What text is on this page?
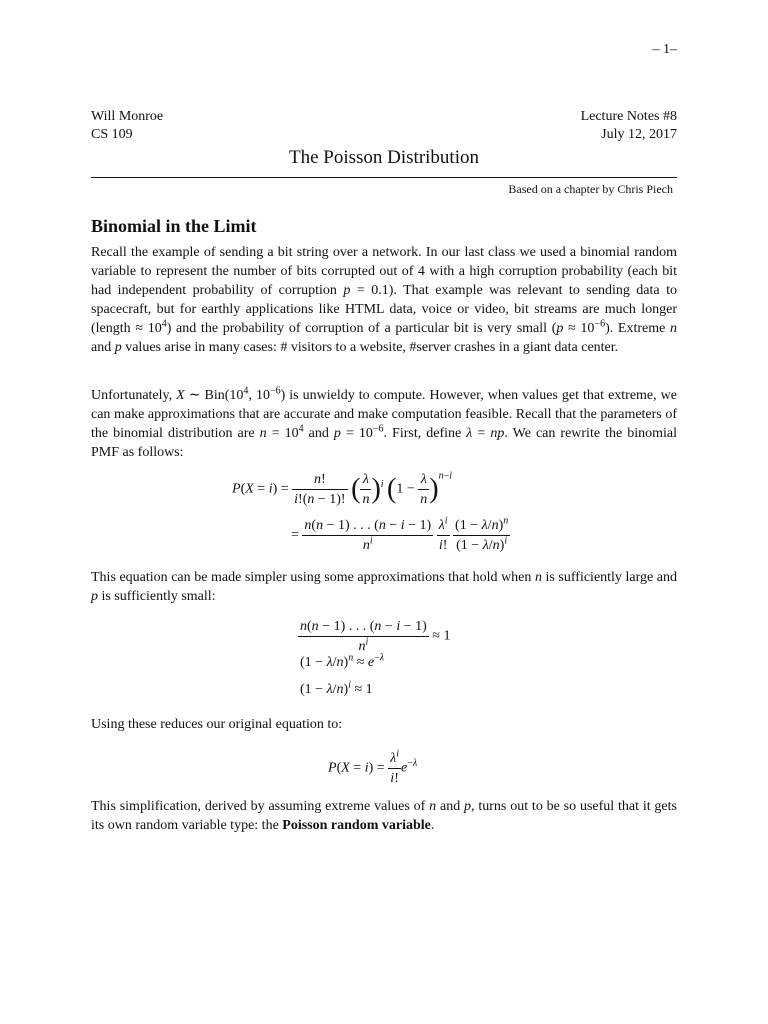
– 1–
Will Monroe	Lecture Notes #8
CS 109	July 12, 2017
The Poisson Distribution
Based on a chapter by Chris Piech
Binomial in the Limit

Recall the example of sending a bit string over a network. In our last class we used a binomial random variable to represent the number of bits corrupted out of 4 with a high corruption probability (each bit had independent probability of corruption p = 0.1). That example was relevant to sending data to spacecraft, but for earthly applications like HTML data, voice or video, bit streams are much longer (length ≈ $10^4$) and the probability of corruption of a particular bit is very small $(p \approx 10^{-6})$. Extreme n and p values arise in many cases: # visitors to a website, #server crashes in a giant data center.

Unfortunately, X ∼ $Bin(10^4$, $10^{-6}$) is unwieldy to compute. However, when values get that extreme, we can make approximations that are accurate and make computation feasible. Recall that the parameters of the binomial distribution are $n = 10^4$ and $p = 10^{-6}$. First, define λ = np. We can rewrite the binomial PMF as follows:

$P(X = i) = \frac{n!}{i!(n - 1)!}$ ( $\frac{\lambda}{n} )^i$ $(1 - \frac{\lambda}{n} )^{n-i}$
= $\frac{n(n - 1) . . . (n - i - 1)}{n^i}$
$\frac{\lambda^i}{i!}$
$\frac{(1 - \lambda/n)^n}{(1 - \lambda/n)^i}$

This equation can be made simpler using some approximations that hold when n is sufficiently large and p is sufficiently small:

$\frac{n(n - 1) . . . (n - i - 1)}{n^i} \approx 1$
$(1 - \lambda/n)^n \approx e^{-\lambda}$
$(1 - \lambda/n)^i \approx 1$

Using these reduces our original equation to:

$P(X = i) = \frac{\lambda^i}{i!} e^{-\lambda}$

This simplification, derived by assuming extreme values of n and p, turns out to be so useful that it gets its own random variable type: the Poisson random variable.
